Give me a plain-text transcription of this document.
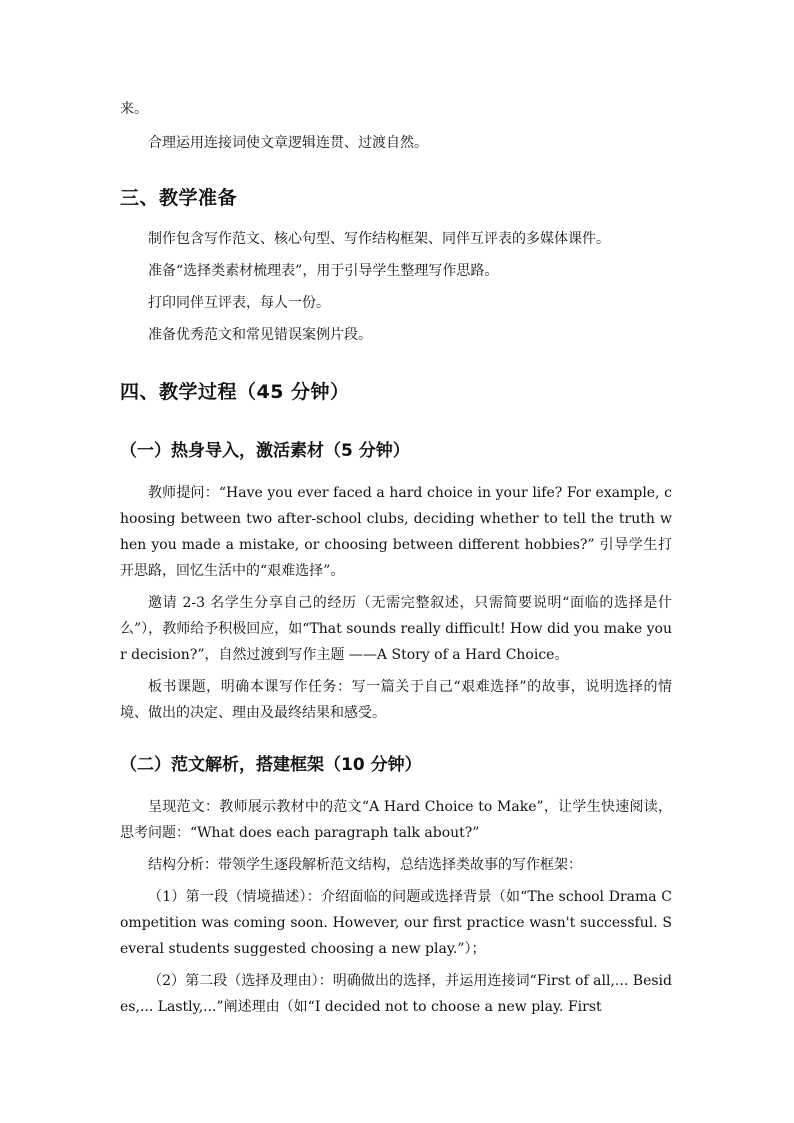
来。

合理运用连接词使文章逻辑连贯、过渡自然。

三、教学准备

制作包含写作范文、核心句型、写作结构框架、同伴互评表的多媒体课件。

准备“选择类素材梳理表”，用于引导学生整理写作思路。

打印同伴互评表，每人一份。

准备优秀范文和常见错误案例片段。

四、教学过程（45 分钟）
（一）热身导入，激活素材（5 分钟）

教师提问：“Have you ever faced a hard choice in your life? For example, choosing between two after-school clubs, deciding whether to tell the truth when you made a mistake, or choosing between different hobbies?” 引导学生打开思路，回忆生活中的“艰难选择”。

邀请 2-3 名学生分享自己的经历（无需完整叙述，只需简要说明“面临的选择是什么”），教师给予积极回应，如“That sounds really difficult! How did you make your decision?”，自然过渡到写作主题 ——A Story of a Hard Choice。

板书课题，明确本课写作任务：写一篇关于自己“艰难选择”的故事，说明选择的情境、做出的决定、理由及最终结果和感受。

（二）范文解析，搭建框架（10 分钟）

呈现范文：教师展示教材中的范文“A Hard Choice to Make”，让学生快速阅读，思考问题：“What does each paragraph talk about?”

结构分析：带领学生逐段解析范文结构，总结选择类故事的写作框架：

（1）第一段（情境描述）：介绍面临的问题或选择背景（如“The school Drama Competition was coming soon. However, our first practice wasn't successful. Several students suggested choosing a new play.”）；

（2）第二段（选择及理由）：明确做出的选择，并运用连接词“First of all,... Besides,... Lastly,...”阐述理由（如“I decided not to choose a new play. First
